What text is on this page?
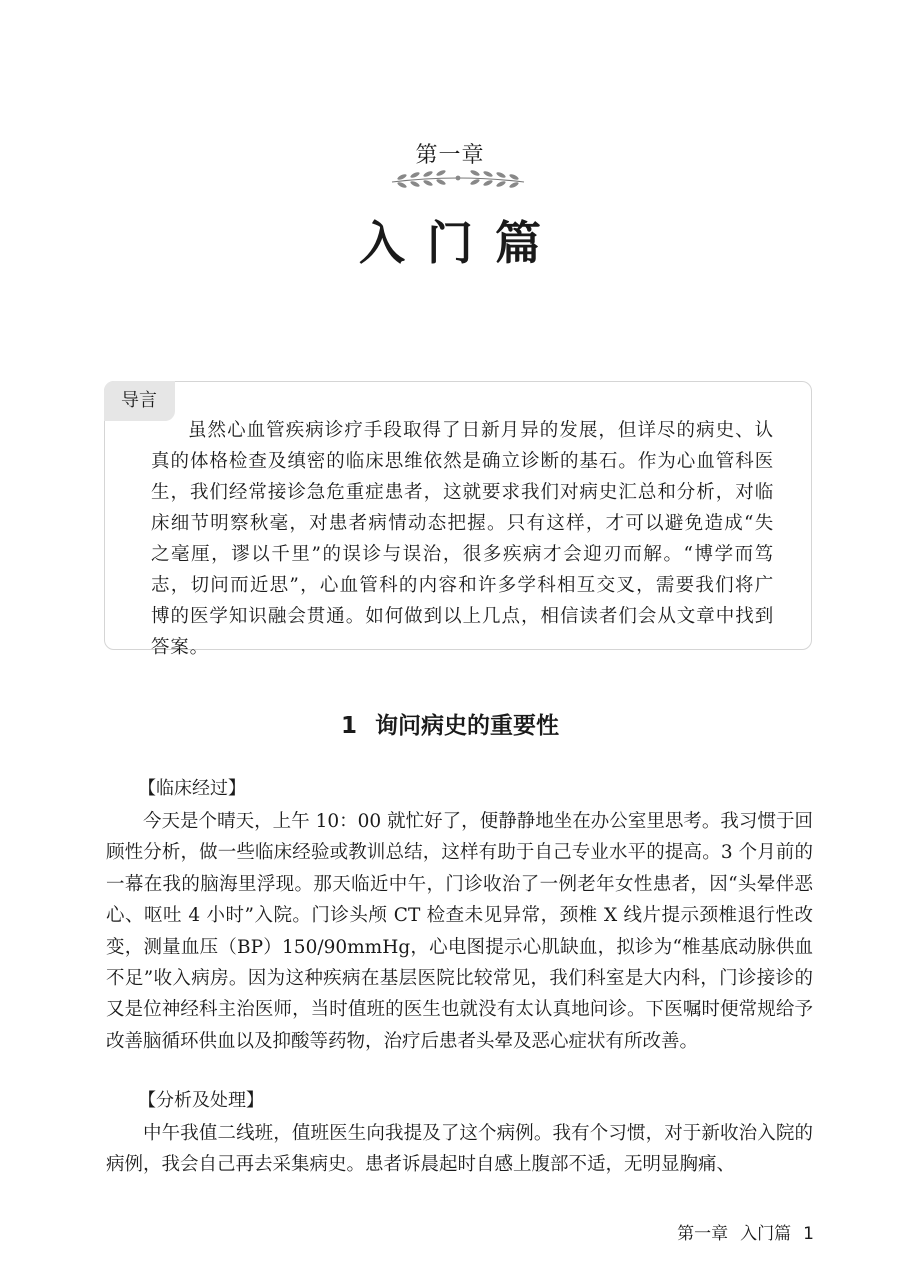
第一章
入门篇
导言
虽然心血管疾病诊疗手段取得了日新月异的发展，但详尽的病史、认真的体格检查及缜密的临床思维依然是确立诊断的基石。作为心血管科医生，我们经常接诊急危重症患者，这就要求我们对病史汇总和分析，对临床细节明察秋毫，对患者病情动态把握。只有这样，才可以避免造成“失之毫厘，谬以千里”的误诊与误治，很多疾病才会迎刃而解。“博学而笃志，切问而近思”，心血管科的内容和许多学科相互交叉，需要我们将广博的医学知识融会贯通。如何做到以上几点，相信读者们会从文章中找到答案。
1 询问病史的重要性
【临床经过】
今天是个晴天，上午 10：00 就忙好了，便静静地坐在办公室里思考。我习惯于回顾性分析，做一些临床经验或教训总结，这样有助于自己专业水平的提高。3 个月前的一幕在我的脑海里浮现。那天临近中午，门诊收治了一例老年女性患者，因“头晕伴恶心、呕吐 4 小时”入院。门诊头颅 CT 检查未见异常，颈椎 X 线片提示颈椎退行性改变，测量血压（BP）150/90mmHg，心电图提示心肌缺血，拟诊为“椎基底动脉供血不足”收入病房。因为这种疾病在基层医院比较常见，我们科室是大内科，门诊接诊的又是位神经科主治医师，当时值班的医生也就没有太认真地问诊。下医嘱时便常规给予改善脑循环供血以及抑酸等药物，治疗后患者头晕及恶心症状有所改善。
【分析及处理】
中午我值二线班，值班医生向我提及了这个病例。我有个习惯，对于新收治入院的病例，我会自己再去采集病史。患者诉晨起时自感上腹部不适，无明显胸痛、
第一章 入门篇 1
